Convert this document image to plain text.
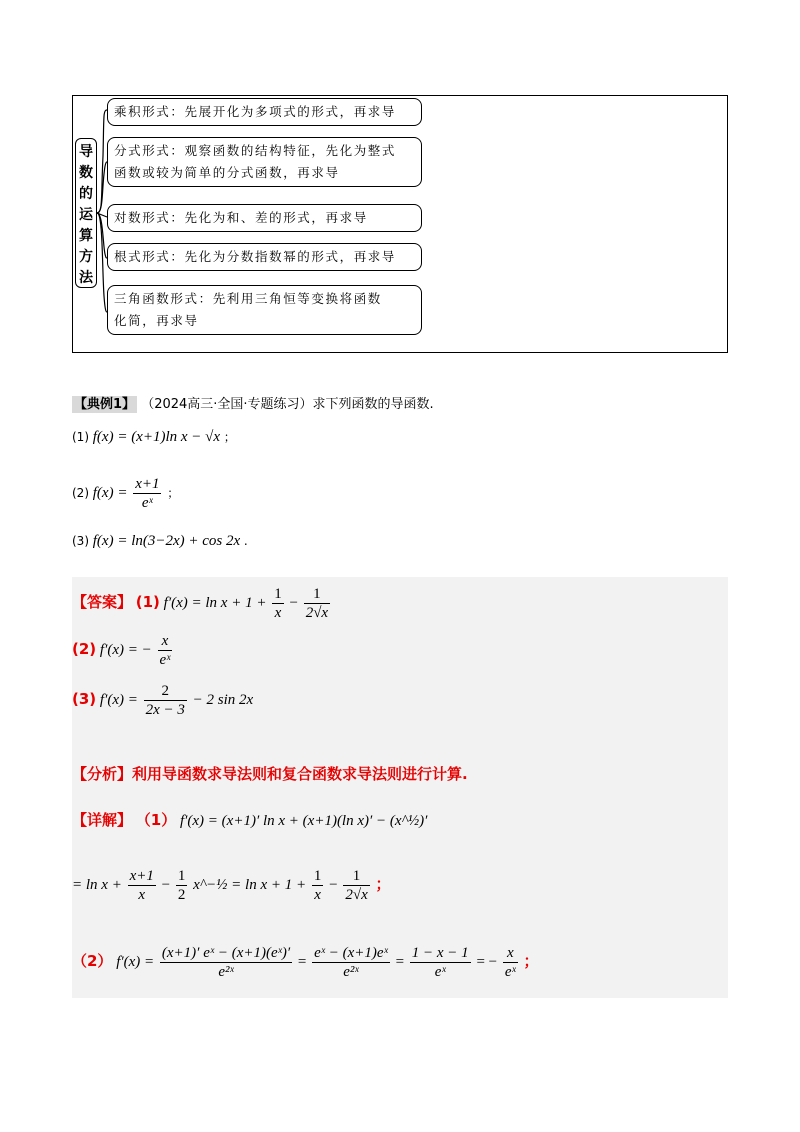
导
数
的
运
算
方
法
乘积形式：先展开化为多项式的形式，再求导
分式形式：观察函数的结构特征，先化为整式
函数或较为简单的分式函数，再求导
对数形式：先化为和、差的形式，再求导
根式形式：先化为分数指数幂的形式，再求导
三角函数形式：先利用三角恒等变换将函数
化简，再求导
【典例1】 （2024高三·全国·专题练习）求下列函数的导函数.
(1) f(x) = (x+1)ln x − √x ；
(2) $f(x) = \frac{x+1}{\text{eˣ}}$ ；
(3) f(x) = ln(3−2x) + cos 2x .
【答案】 (1) $f'(x) = \ln x + 1 + \frac{1}{x} - \frac{1}{2√x}$
(2) f′(x) = − $\frac{x}{\text{eˣ}}$
(3) $f'(x) = \frac{2}{2x - 3} - 2$ sin 2x
【分析】利用导函数求导法则和复合函数求导法则进行计算.
【详解】 （1） f′(x) = (x+1)′ ln x + (x+1)(ln x)′ − (x^½)′
= $\ln x + \frac{x+1}{x} - \frac{1}{2}$ x^−½ = $\ln x + 1 + \frac{1}{x} - \frac{1}{2√x}$ ；
（2） $f'(x) = \frac{\text{(x+1)′ eˣ − (x+1)(eˣ)′}}{\text{e²ˣ}} = \frac{\text{eˣ − (x+1)eˣ}}{\text{e²ˣ}} = \frac{1 - x - 1}{\text{eˣ}}$ = − $\frac{x}{\text{eˣ}}$ ；
